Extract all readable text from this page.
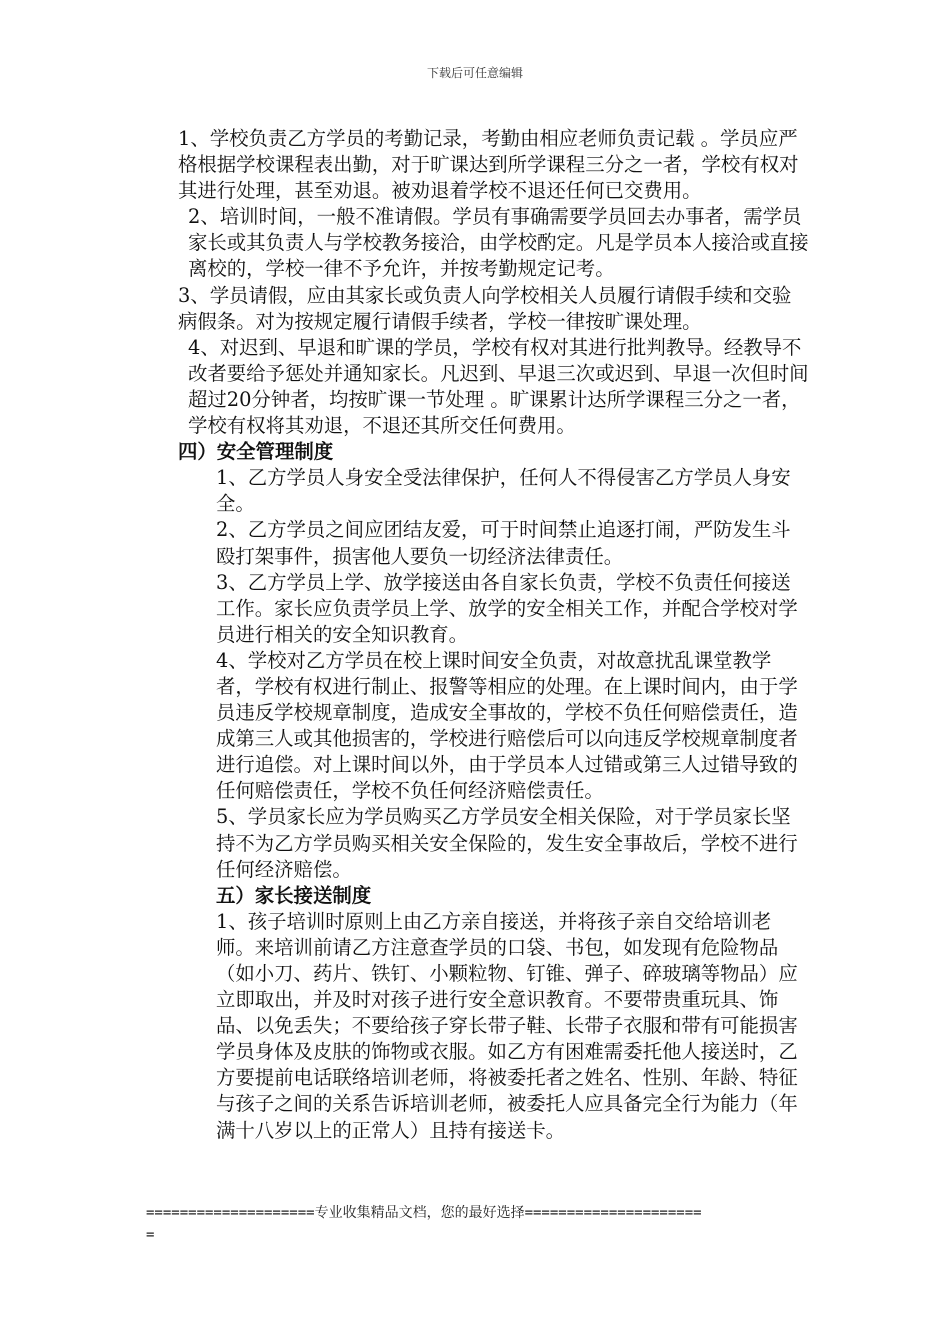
下载后可任意编辑

1、学校负责乙方学员的考勤记录，考勤由相应老师负责记载 。学员应严格根据学校课程表出勤，对于旷课达到所学课程三分之一者，学校有权对其进行处理，甚至劝退。被劝退着学校不退还任何已交费用。

2、培训时间，一般不准请假。学员有事确需要学员回去办事者，需学员家长或其负责人与学校教务接洽，由学校酌定。凡是学员本人接洽或直接离校的，学校一律不予允许，并按考勤规定记考。

3、学员请假，应由其家长或负责人向学校相关人员履行请假手续和交验病假条。对为按规定履行请假手续者，学校一律按旷课处理。

4、对迟到、早退和旷课的学员，学校有权对其进行批判教导。经教导不改者要给予惩处并通知家长。凡迟到、早退三次或迟到、早退一次但时间超过20分钟者，均按旷课一节处理 。旷课累计达所学课程三分之一者，学校有权将其劝退，不退还其所交任何费用。

四）安全管理制度

1、乙方学员人身安全受法律保护，任何人不得侵害乙方学员人身安全。

2、乙方学员之间应团结友爱，可于时间禁止追逐打闹，严防发生斗殴打架事件，损害他人要负一切经济法律责任。

3、乙方学员上学、放学接送由各自家长负责，学校不负责任何接送工作。家长应负责学员上学、放学的安全相关工作，并配合学校对学员进行相关的安全知识教育。

4、学校对乙方学员在校上课时间安全负责，对故意扰乱课堂教学者，学校有权进行制止、报警等相应的处理。在上课时间内，由于学员违反学校规章制度，造成安全事故的，学校不负任何赔偿责任，造成第三人或其他损害的，学校进行赔偿后可以向违反学校规章制度者进行追偿。对上课时间以外，由于学员本人过错或第三人过错导致的任何赔偿责任，学校不负任何经济赔偿责任。

5、学员家长应为学员购买乙方学员安全相关保险，对于学员家长坚持不为乙方学员购买相关安全保险的，发生安全事故后，学校不进行任何经济赔偿。

五）家长接送制度

1、孩子培训时原则上由乙方亲自接送，并将孩子亲自交给培训老师。来培训前请乙方注意查学员的口袋、书包，如发现有危险物品（如小刀、药片、铁钉、小颗粒物、钉锥、弹子、碎玻璃等物品）应立即取出，并及时对孩子进行安全意识教育。不要带贵重玩具、饰品、以免丢失；不要给孩子穿长带子鞋、长带子衣服和带有可能损害学员身体及皮肤的饰物或衣服。如乙方有困难需委托他人接送时，乙方要提前电话联络培训老师，将被委托者之姓名、性别、年龄、特征与孩子之间的关系告诉培训老师，被委托人应具备完全行为能力（年满十八岁以上的正常人）且持有接送卡。

====================专业收集精品文档，您的最好选择=====================
=
